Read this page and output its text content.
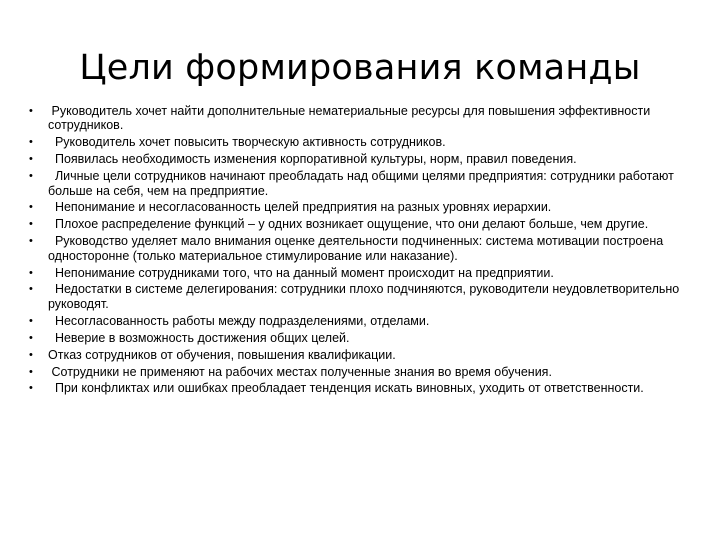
Цели формирования команды
•	Руководитель хочет найти дополнительные нематериальные ресурсы для повышения эффективности сотрудников.
•	Руководитель хочет повысить творческую активность сотрудников.
•	Появилась необходимость изменения корпоративной культуры, норм, правил поведения.
•	Личные цели сотрудников начинают преобладать над общими целями предприятия: сотрудники работают больше на себя, чем на предприятие.
•	Непонимание и несогласованность целей предприятия на разных уровнях иерархии.
•	Плохое распределение функций – у одних возникает ощущение, что они делают больше, чем другие.
•	Руководство уделяет мало внимания оценке деятельности подчиненных: система мотивации построена односторонне (только материальное стимулирование или наказание).
•	Непонимание сотрудниками того, что на данный момент происходит на предприятии.
•	Недостатки в системе делегирования: сотрудники плохо подчиняются, руководители неудовлетворительно руководят.
•	Несогласованность работы между подразделениями, отделами.
•	Неверие в возможность достижения общих целей.
•	Отказ сотрудников от обучения, повышения квалификации.
•	Сотрудники не применяют на рабочих местах полученные знания во время обучения.
•	При конфликтах или ошибках преобладает тенденция искать виновных, уходить от ответственности.
